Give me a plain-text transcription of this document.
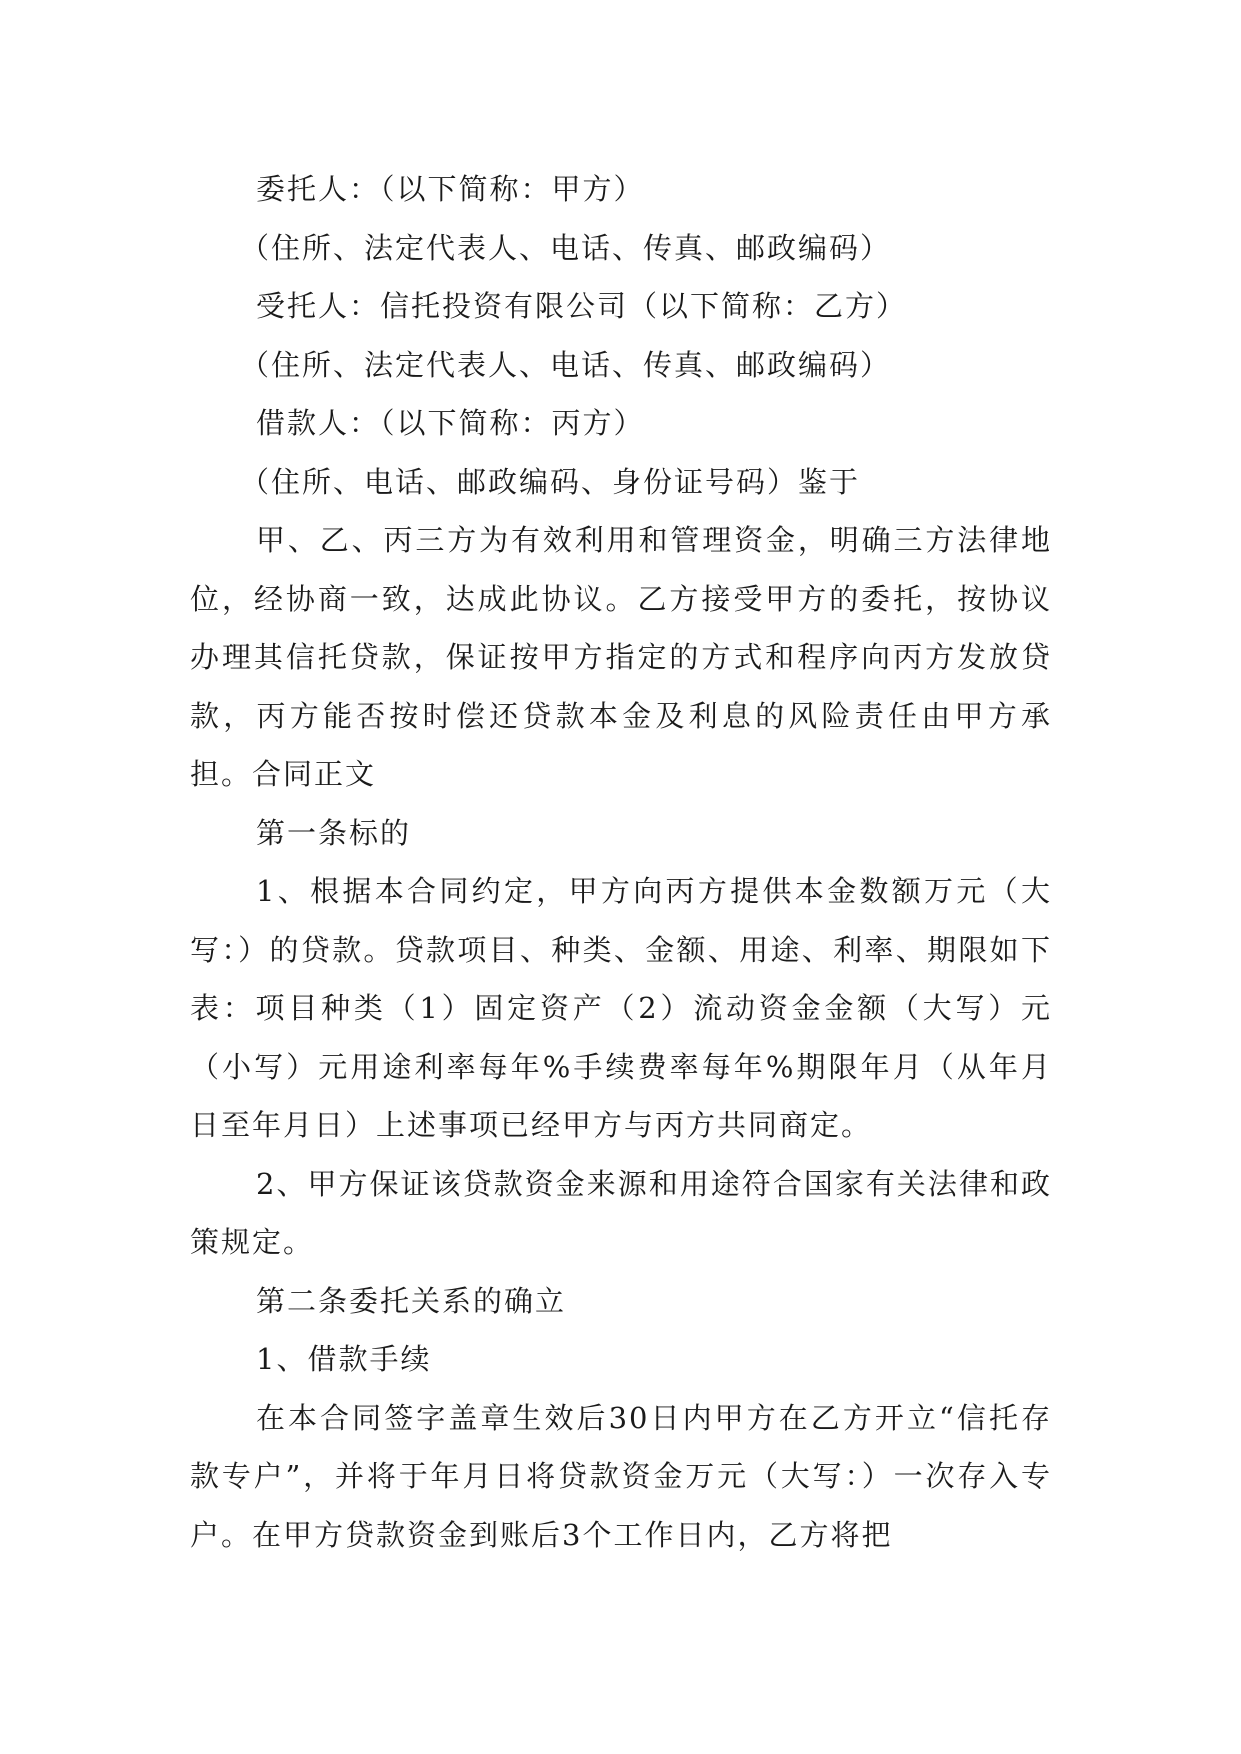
委托人：（以下简称：甲方）
（住所、法定代表人、电话、传真、邮政编码）
受托人：信托投资有限公司（以下简称：乙方）
（住所、法定代表人、电话、传真、邮政编码）
借款人：（以下简称：丙方）
（住所、电话、邮政编码、身份证号码）鉴于

甲、乙、丙三方为有效利用和管理资金，明确三方法律地位，经协商一致，达成此协议。乙方接受甲方的委托，按协议办理其信托贷款，保证按甲方指定的方式和程序向丙方发放贷款，丙方能否按时偿还贷款本金及利息的风险责任由甲方承担。合同正文

第一条标的

1、根据本合同约定，甲方向丙方提供本金数额万元（大写：）的贷款。贷款项目、种类、金额、用途、利率、期限如下表：项目种类（1）固定资产（2）流动资金金额（大写）元（小写）元用途利率每年%手续费率每年%期限年月（从年月日至年月日）上述事项已经甲方与丙方共同商定。

2、甲方保证该贷款资金来源和用途符合国家有关法律和政策规定。

第二条委托关系的确立
1、借款手续

在本合同签字盖章生效后30日内甲方在乙方开立“信托存款专户”，并将于年月日将贷款资金万元（大写：）一次存入专户。在甲方贷款资金到账后3个工作日内，乙方将把
